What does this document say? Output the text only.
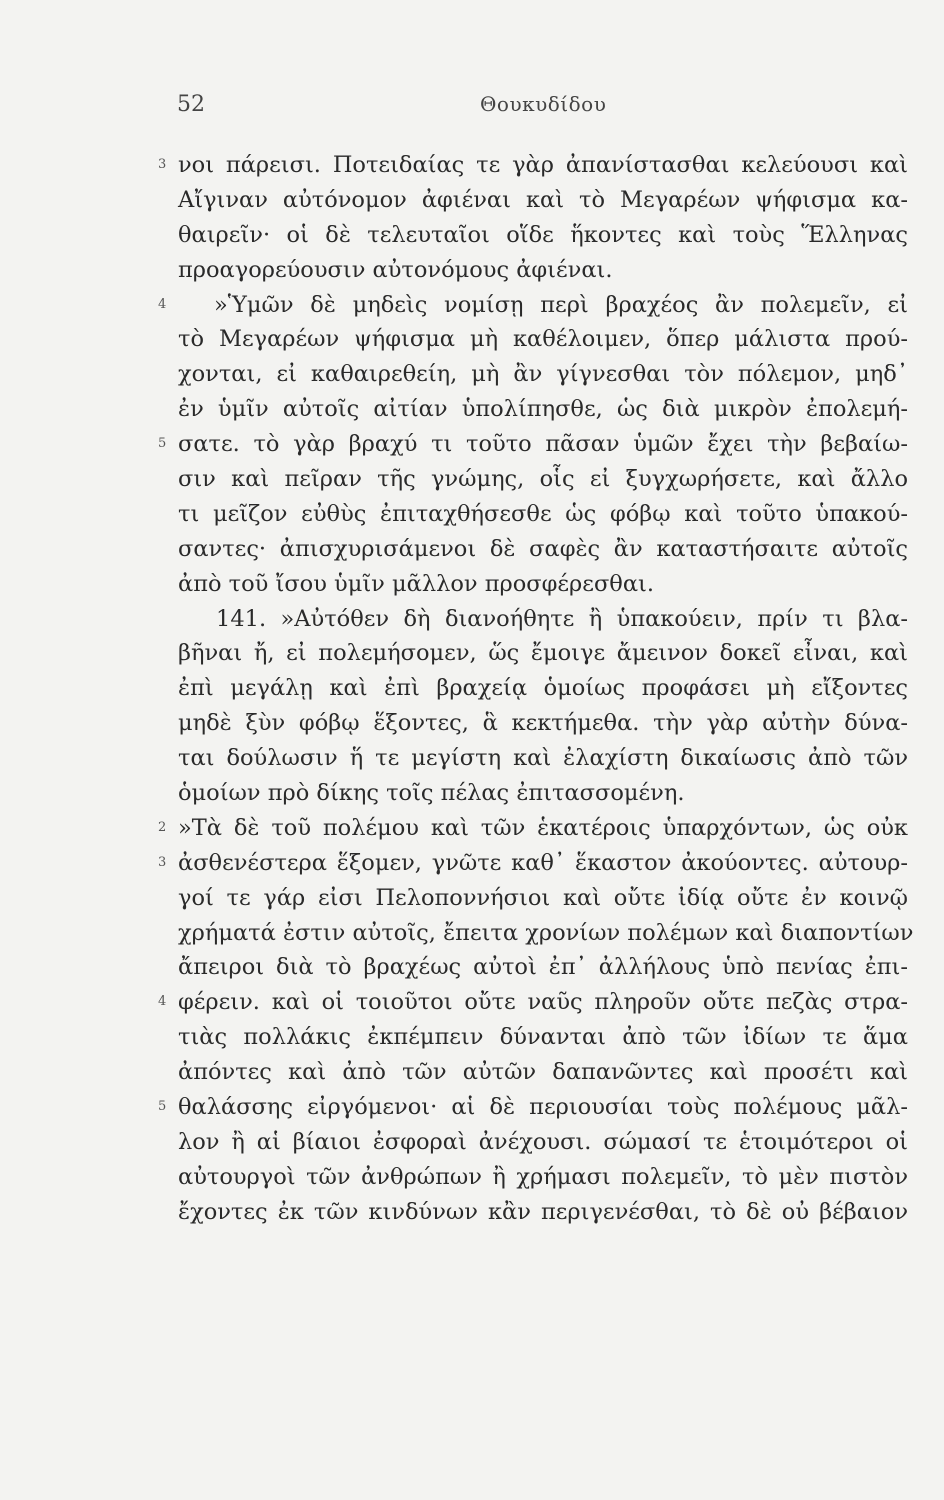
52	Θουκυδίδου
3 νοι πάρεισι. Ποτειδαίας τε γὰρ ἀπανίστασθαι κελεύουσι καὶ
Αἴγιναν αὐτόνομον ἀφιέναι καὶ τὸ Μεγαρέων ψήφισμα κα-
θαιρεῖν· οἱ δὲ τελευταῖοι οἵδε ἥκοντες καὶ τοὺς Ἕλληνας
προαγορεύουσιν αὐτονόμους ἀφιέναι.
4 »Ὑμῶν δὲ μηδεὶς νομίσῃ περὶ βραχέος ἂν πολεμεῖν, εἰ
τὸ Μεγαρέων ψήφισμα μὴ καθέλοιμεν, ὅπερ μάλιστα πρού-
χονται, εἰ καθαιρεθείη, μὴ ἂν γίγνεσθαι τὸν πόλεμον, μηδ᾽
ἐν ὑμῖν αὐτοῖς αἰτίαν ὑπολίπησθε, ὡς διὰ μικρὸν ἐπολεμή-
5 σατε. τὸ γὰρ βραχύ τι τοῦτο πᾶσαν ὑμῶν ἔχει τὴν βεβαίω-
σιν καὶ πεῖραν τῆς γνώμης, οἷς εἰ ξυγχωρήσετε, καὶ ἄλλο
τι μεῖζον εὐθὺς ἐπιταχθήσεσθε ὡς φόβῳ καὶ τοῦτο ὑπακού-
σαντες· ἀπισχυρισάμενοι δὲ σαφὲς ἂν καταστήσαιτε αὐτοῖς
ἀπὸ τοῦ ἴσου ὑμῖν μᾶλλον προσφέρεσθαι.
141. »Αὐτόθεν δὴ διανοήθητε ἢ ὑπακούειν, πρίν τι βλα-
βῆναι ἤ, εἰ πολεμήσομεν, ὥς ἔμοιγε ἄμεινον δοκεῖ εἶναι, καὶ
ἐπὶ μεγάλῃ καὶ ἐπὶ βραχείᾳ ὁμοίως προφάσει μὴ εἴξοντες
μηδὲ ξὺν φόβῳ ἕξοντες, ἃ κεκτήμεθα. τὴν γὰρ αὐτὴν δύνα-
ται δούλωσιν ἥ τε μεγίστη καὶ ἐλαχίστη δικαίωσις ἀπὸ τῶν
ὁμοίων πρὸ δίκης τοῖς πέλας ἐπιτασσομένη.
2 »Τὰ δὲ τοῦ πολέμου καὶ τῶν ἑκατέροις ὑπαρχόντων, ὡς οὐκ
3 ἀσθενέστερα ἕξομεν, γνῶτε καθ᾽ ἕκαστον ἀκούοντες. αὐτουρ-
γοί τε γάρ εἰσι Πελοποννήσιοι καὶ οὔτε ἰδίᾳ οὔτε ἐν κοινῷ
χρήματά ἐστιν αὐτοῖς, ἔπειτα χρονίων πολέμων καὶ διαποντίων
ἄπειροι διὰ τὸ βραχέως αὐτοὶ ἐπ᾽ ἀλλήλους ὑπὸ πενίας ἐπι-
4 φέρειν. καὶ οἱ τοιοῦτοι οὔτε ναῦς πληροῦν οὔτε πεζὰς στρα-
τιὰς πολλάκις ἐκπέμπειν δύνανται ἀπὸ τῶν ἰδίων τε ἅμα
ἀπόντες καὶ ἀπὸ τῶν αὐτῶν δαπανῶντες καὶ προσέτι καὶ
5 θαλάσσης εἰργόμενοι· αἱ δὲ περιουσίαι τοὺς πολέμους μᾶλ-
λον ἢ αἱ βίαιοι ἐσφοραὶ ἀνέχουσι. σώμασί τε ἑτοιμότεροι οἱ
αὐτουργοὶ τῶν ἀνθρώπων ἢ χρήμασι πολεμεῖν, τὸ μὲν πιστὸν
ἔχοντες ἐκ τῶν κινδύνων κἂν περιγενέσθαι, τὸ δὲ οὐ βέβαιον
